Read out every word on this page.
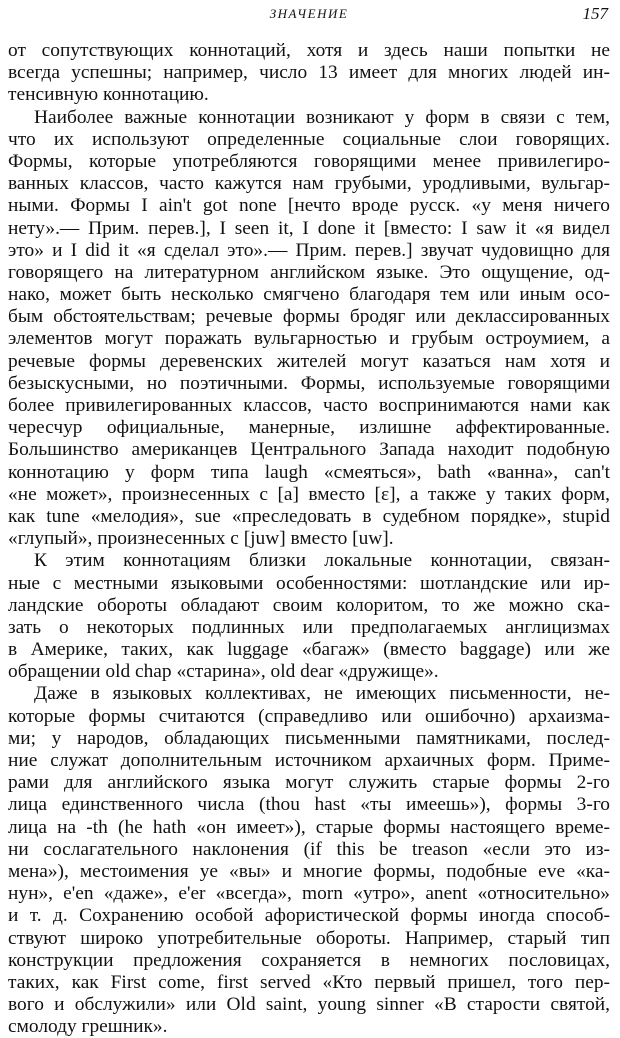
ЗНАЧЕНИЕ	157
от сопутствующих коннотаций, хотя и здесь наши попытки не
всегда успешны; например, число 13 имеет для многих людей ин-
тенсивную коннотацию.
Наиболее важные коннотации возникают у форм в связи с тем,
что их используют определенные социальные слои говорящих.
Формы, которые употребляются говорящими менее привилегиро-
ванных классов, часто кажутся нам грубыми, уродливыми, вульгар-
ными. Формы I ain't got none [нечто вроде русск. «у меня ничего
нету».— Прим. перев.], I seen it, I done it [вместо: I saw it «я видел
это» и I did it «я сделал это».— Прим. перев.] звучат чудовищно для
говорящего на литературном английском языке. Это ощущение, од-
нако, может быть несколько смягчено благодаря тем или иным осо-
бым обстоятельствам; речевые формы бродяг или деклассированных
элементов могут поражать вульгарностью и грубым остроумием, а
речевые формы деревенских жителей могут казаться нам хотя и
безыскусными, но поэтичными. Формы, используемые говорящими
более привилегированных классов, часто воспринимаются нами как
чересчур официальные, манерные, излишне аффектированные.
Большинство американцев Центрального Запада находит подобную
коннотацию у форм типа laugh «смеяться», bath «ванна», can't
«не может», произнесенных с [a] вместо [ε], а также у таких форм,
как tune «мелодия», sue «преследовать в судебном порядке», stupid
«глупый», произнесенных с [juw] вместо [uw].
К этим коннотациям близки локальные коннотации, связан-
ные с местными языковыми особенностями: шотландские или ир-
ландские обороты обладают своим колоритом, то же можно ска-
зать о некоторых подлинных или предполагаемых англицизмах
в Америке, таких, как luggage «багаж» (вместо baggage) или же
обращении old chap «старина», old dear «дружище».
Даже в языковых коллективах, не имеющих письменности, не-
которые формы считаются (справедливо или ошибочно) архаизма-
ми; у народов, обладающих письменными памятниками, послед-
ние служат дополнительным источником архаичных форм. Приме-
рами для английского языка могут служить старые формы 2-го
лица единственного числа (thou hast «ты имеешь»), формы 3-го
лица на -th (he hath «он имеет»), старые формы настоящего време-
ни сослагательного наклонения (if this be treason «если это из-
мена»), местоимения ye «вы» и многие формы, подобные eve «ка-
нун», e'en «даже», e'er «всегда», morn «утро», anent «относительно»
и т. д. Сохранению особой афористической формы иногда способ-
ствуют широко употребительные обороты. Например, старый тип
конструкции предложения сохраняется в немногих пословицах,
таких, как First come, first served «Кто первый пришел, того пер-
вого и обслужили» или Old saint, young sinner «В старости святой,
смолоду грешник».
